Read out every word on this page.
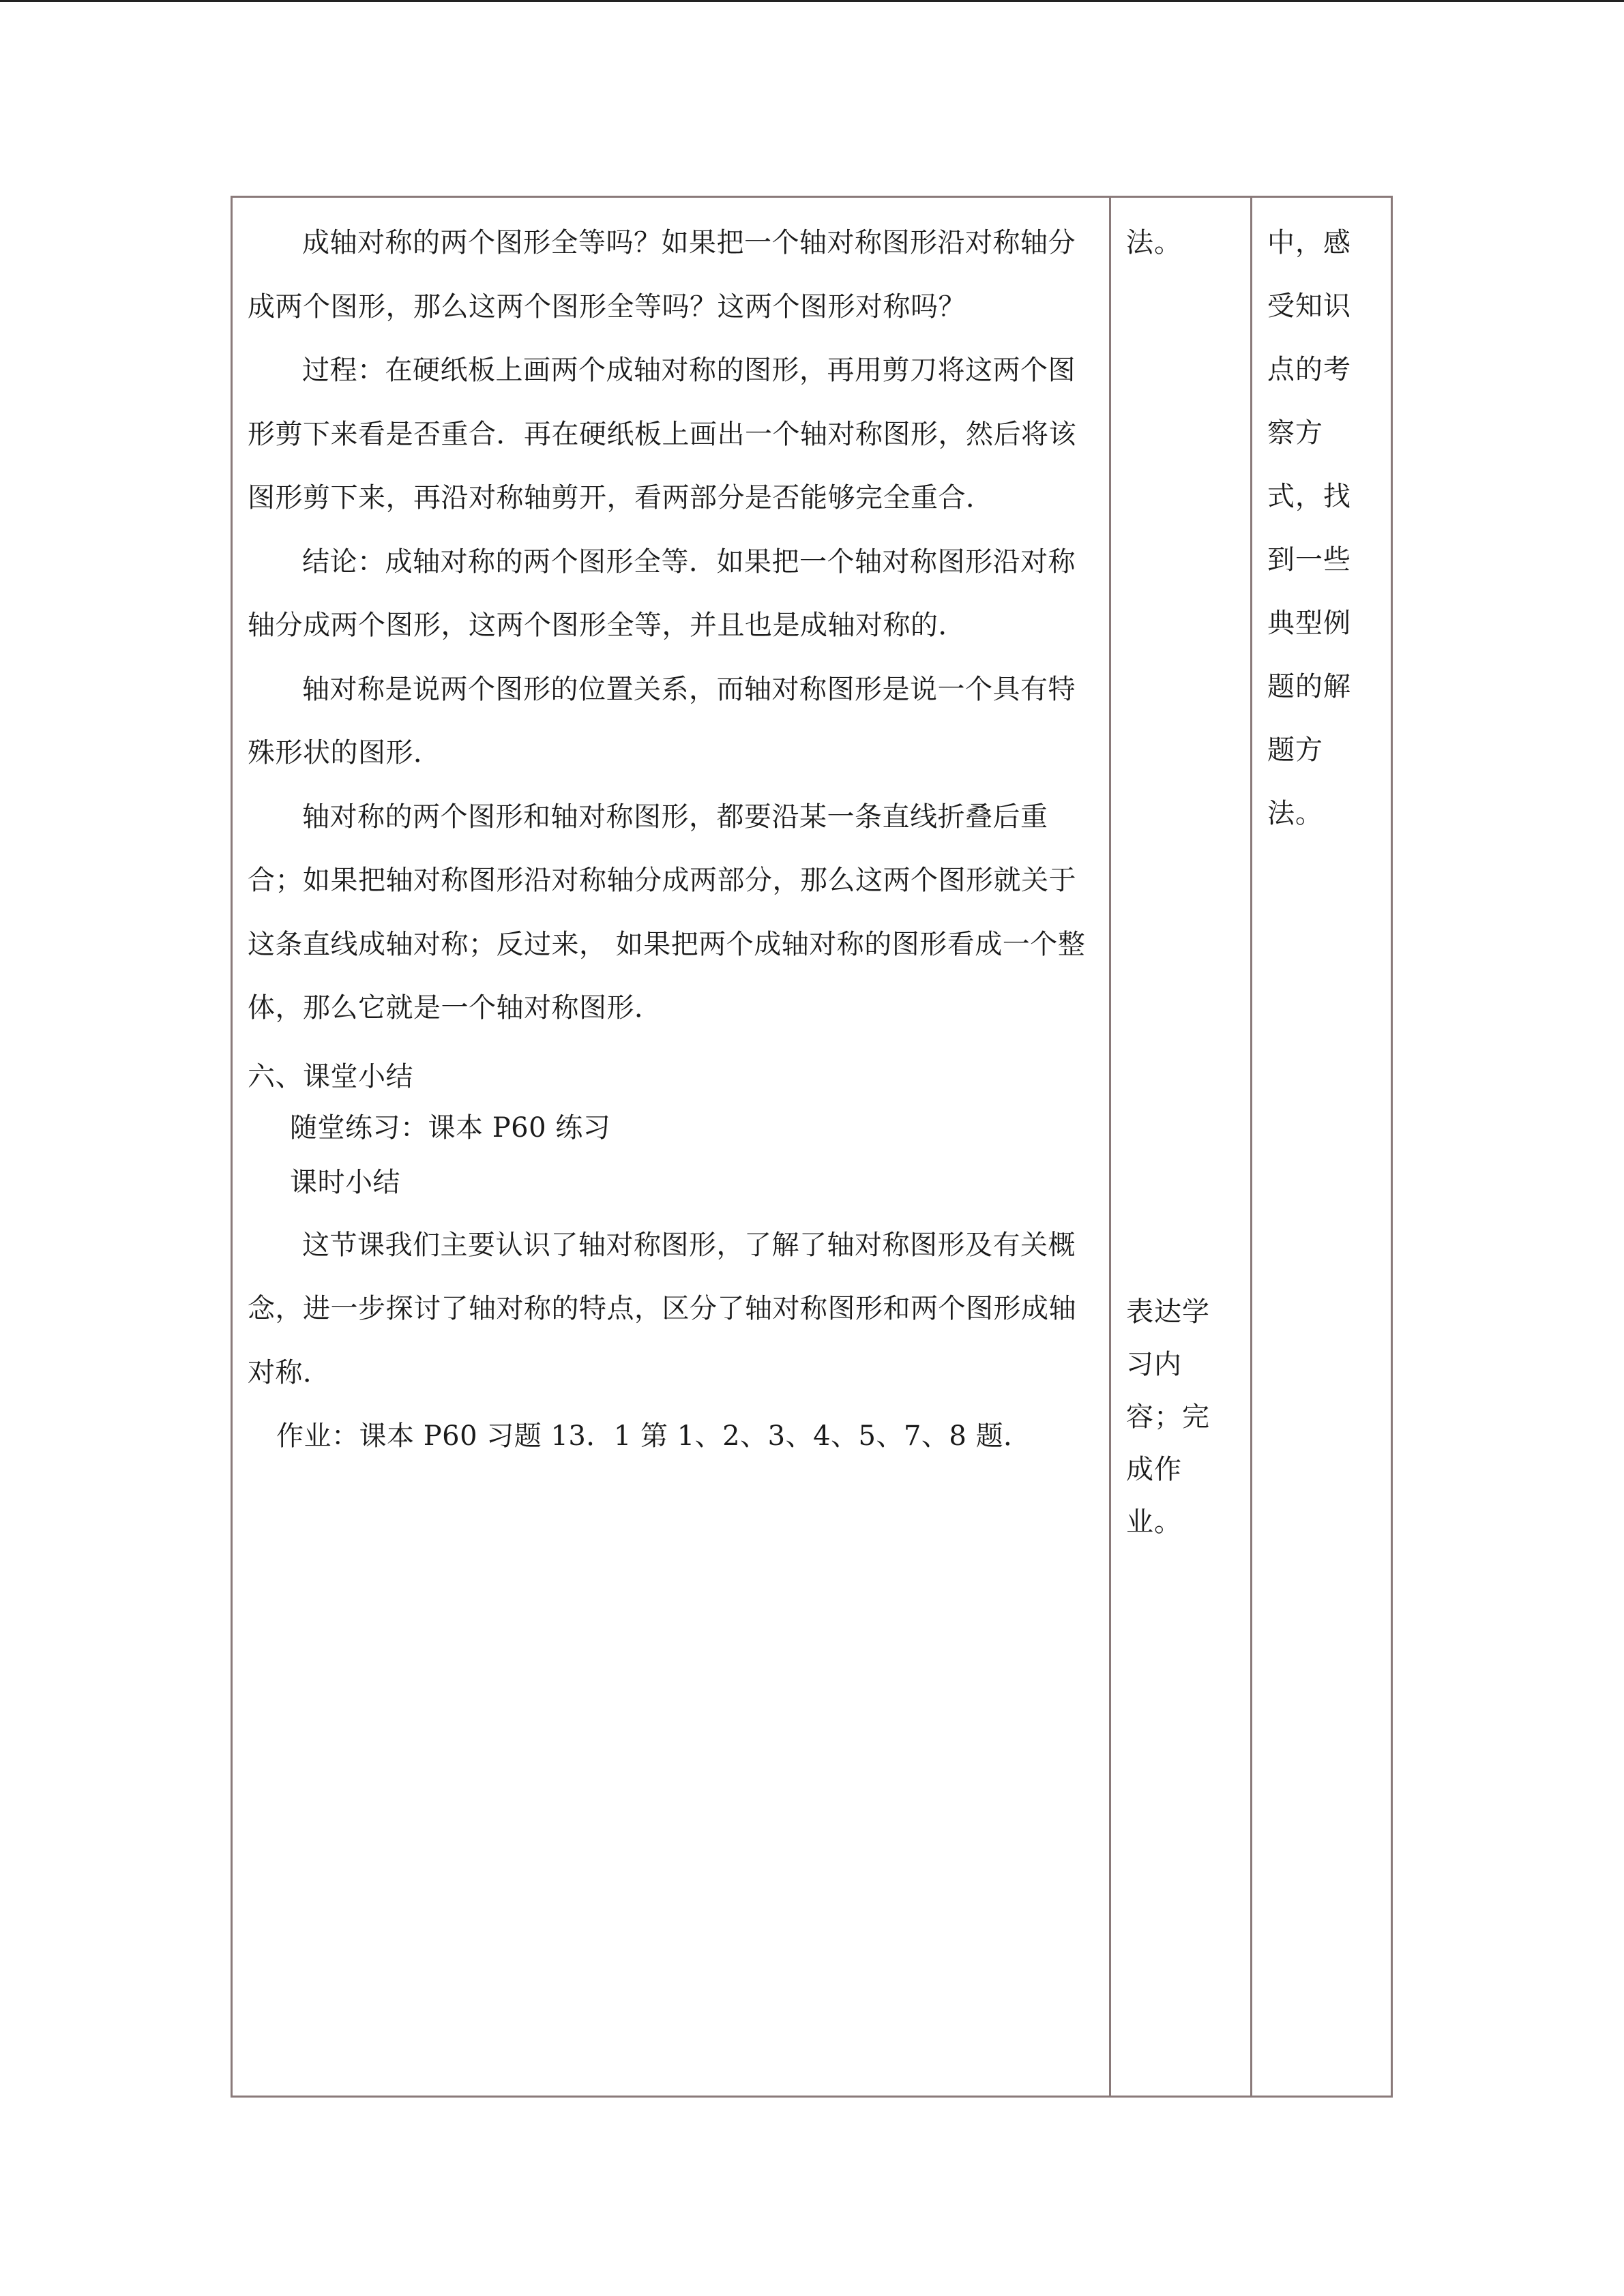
成轴对称的两个图形全等吗？如果把一个轴对称图形沿对称轴分成两个图形，那么这两个图形全等吗？这两个图形对称吗？

过程：在硬纸板上画两个成轴对称的图形，再用剪刀将这两个图形剪下来看是否重合．再在硬纸板上画出一个轴对称图形，然后将该图形剪下来，再沿对称轴剪开，看两部分是否能够完全重合．

结论：成轴对称的两个图形全等．如果把一个轴对称图形沿对称轴分成两个图形，这两个图形全等，并且也是成轴对称的．

轴对称是说两个图形的位置关系，而轴对称图形是说一个具有特殊形状的图形．

轴对称的两个图形和轴对称图形，都要沿某一条直线折叠后重合；如果把轴对称图形沿对称轴分成两部分，那么这两个图形就关于这条直线成轴对称；反过来， 如果把两个成轴对称的图形看成一个整体，那么它就是一个轴对称图形．

六、课堂小结

随堂练习：课本 P60 练习

课时小结

这节课我们主要认识了轴对称图形，了解了轴对称图形及有关概念，进一步探讨了轴对称的特点，区分了轴对称图形和两个图形成轴对称．

作业：课本 P60 习题 13．1 第 1、2、3、4、5、7、8 题．

法。
表达学
习内
容；完
成作
业。
中，感
受知识
点的考
察方
式，找
到一些
典型例
题的解
题方
法。
